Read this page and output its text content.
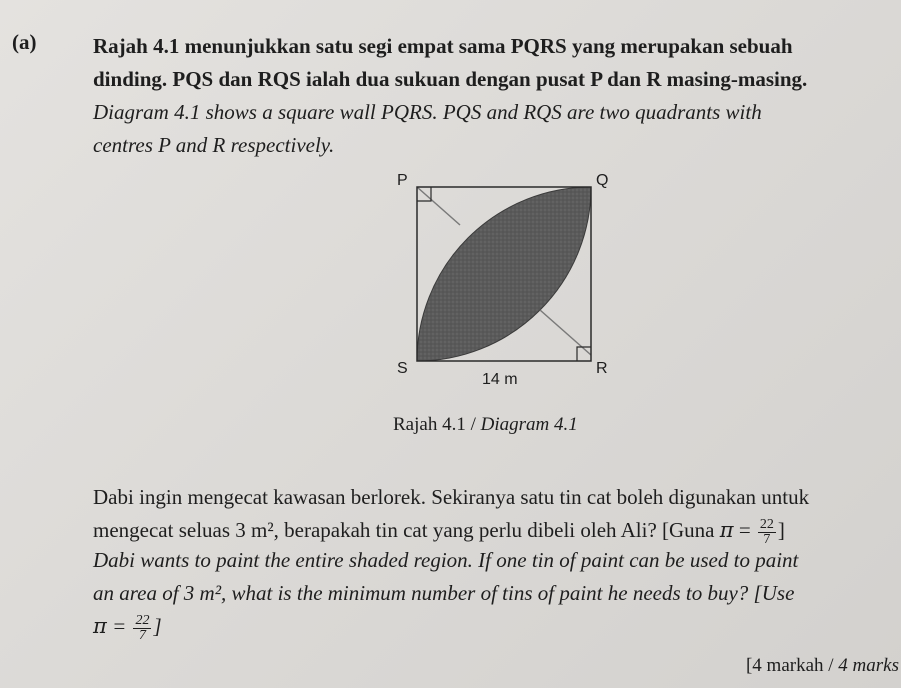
(a)	Rajah 4.1 menunjukkan satu segi empat sama PQRS yang merupakan sebuah
dinding. PQS dan RQS ialah dua sukuan dengan pusat P dan R masing-masing.
Diagram 4.1 shows a square wall PQRS. PQS and RQS are two quadrants with
centres P and R respectively.
P	Q
S	R
14 m
Rajah 4.1 / Diagram 4.1
Dabi ingin mengecat kawasan berlorek. Sekiranya satu tin cat boleh digunakan untuk
mengecat seluas 3 m², berapakah tin cat yang perlu dibeli oleh Ali? [Guna $\pi = \frac{22}{7}$ ]
Dabi wants to paint the entire shaded region. If one tin of paint can be used to paint
an area of 3 m², what is the minimum number of tins of paint he needs to buy? [Use
$\pi = \frac{22}{7}$ ]
[4 markah / 4 marks
